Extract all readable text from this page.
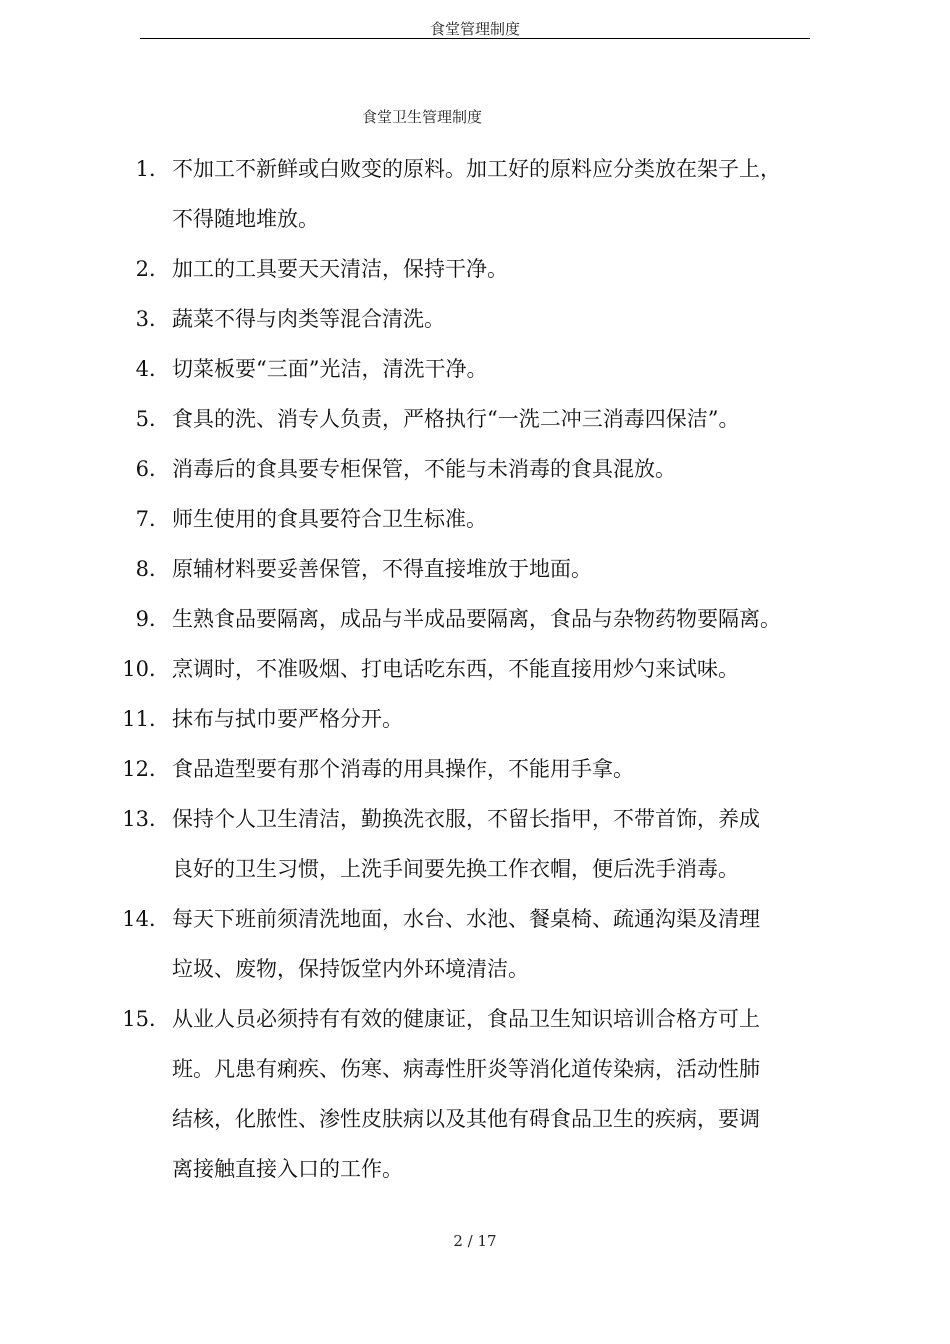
食堂管理制度
食堂卫生管理制度
1． 不加工不新鲜或白败变的原料。加工好的原料应分类放在架子上，
不得随地堆放。
2． 加工的工具要天天清洁，保持干净。
3． 蔬菜不得与肉类等混合清洗。
4． 切菜板要“三面”光洁，清洗干净。
5． 食具的洗、消专人负责，严格执行“一洗二冲三消毒四保洁”。
6． 消毒后的食具要专柜保管，不能与未消毒的食具混放。
7． 师生使用的食具要符合卫生标准。
8． 原辅材料要妥善保管，不得直接堆放于地面。
9． 生熟食品要隔离，成品与半成品要隔离，食品与杂物药物要隔离。
10． 烹调时，不准吸烟、打电话吃东西，不能直接用炒勺来试味。
11． 抹布与拭巾要严格分开。
12． 食品造型要有那个消毒的用具操作，不能用手拿。
13． 保持个人卫生清洁，勤换洗衣服，不留长指甲，不带首饰，养成
良好的卫生习惯，上洗手间要先换工作衣帽，便后洗手消毒。
14． 每天下班前须清洗地面，水台、水池、餐桌椅、疏通沟渠及清理
垃圾、废物，保持饭堂内外环境清洁。
15． 从业人员必须持有有效的健康证，食品卫生知识培训合格方可上
班。凡患有痢疾、伤寒、病毒性肝炎等消化道传染病，活动性肺
结核，化脓性、渗性皮肤病以及其他有碍食品卫生的疾病，要调
离接触直接入口的工作。
2 / 17
